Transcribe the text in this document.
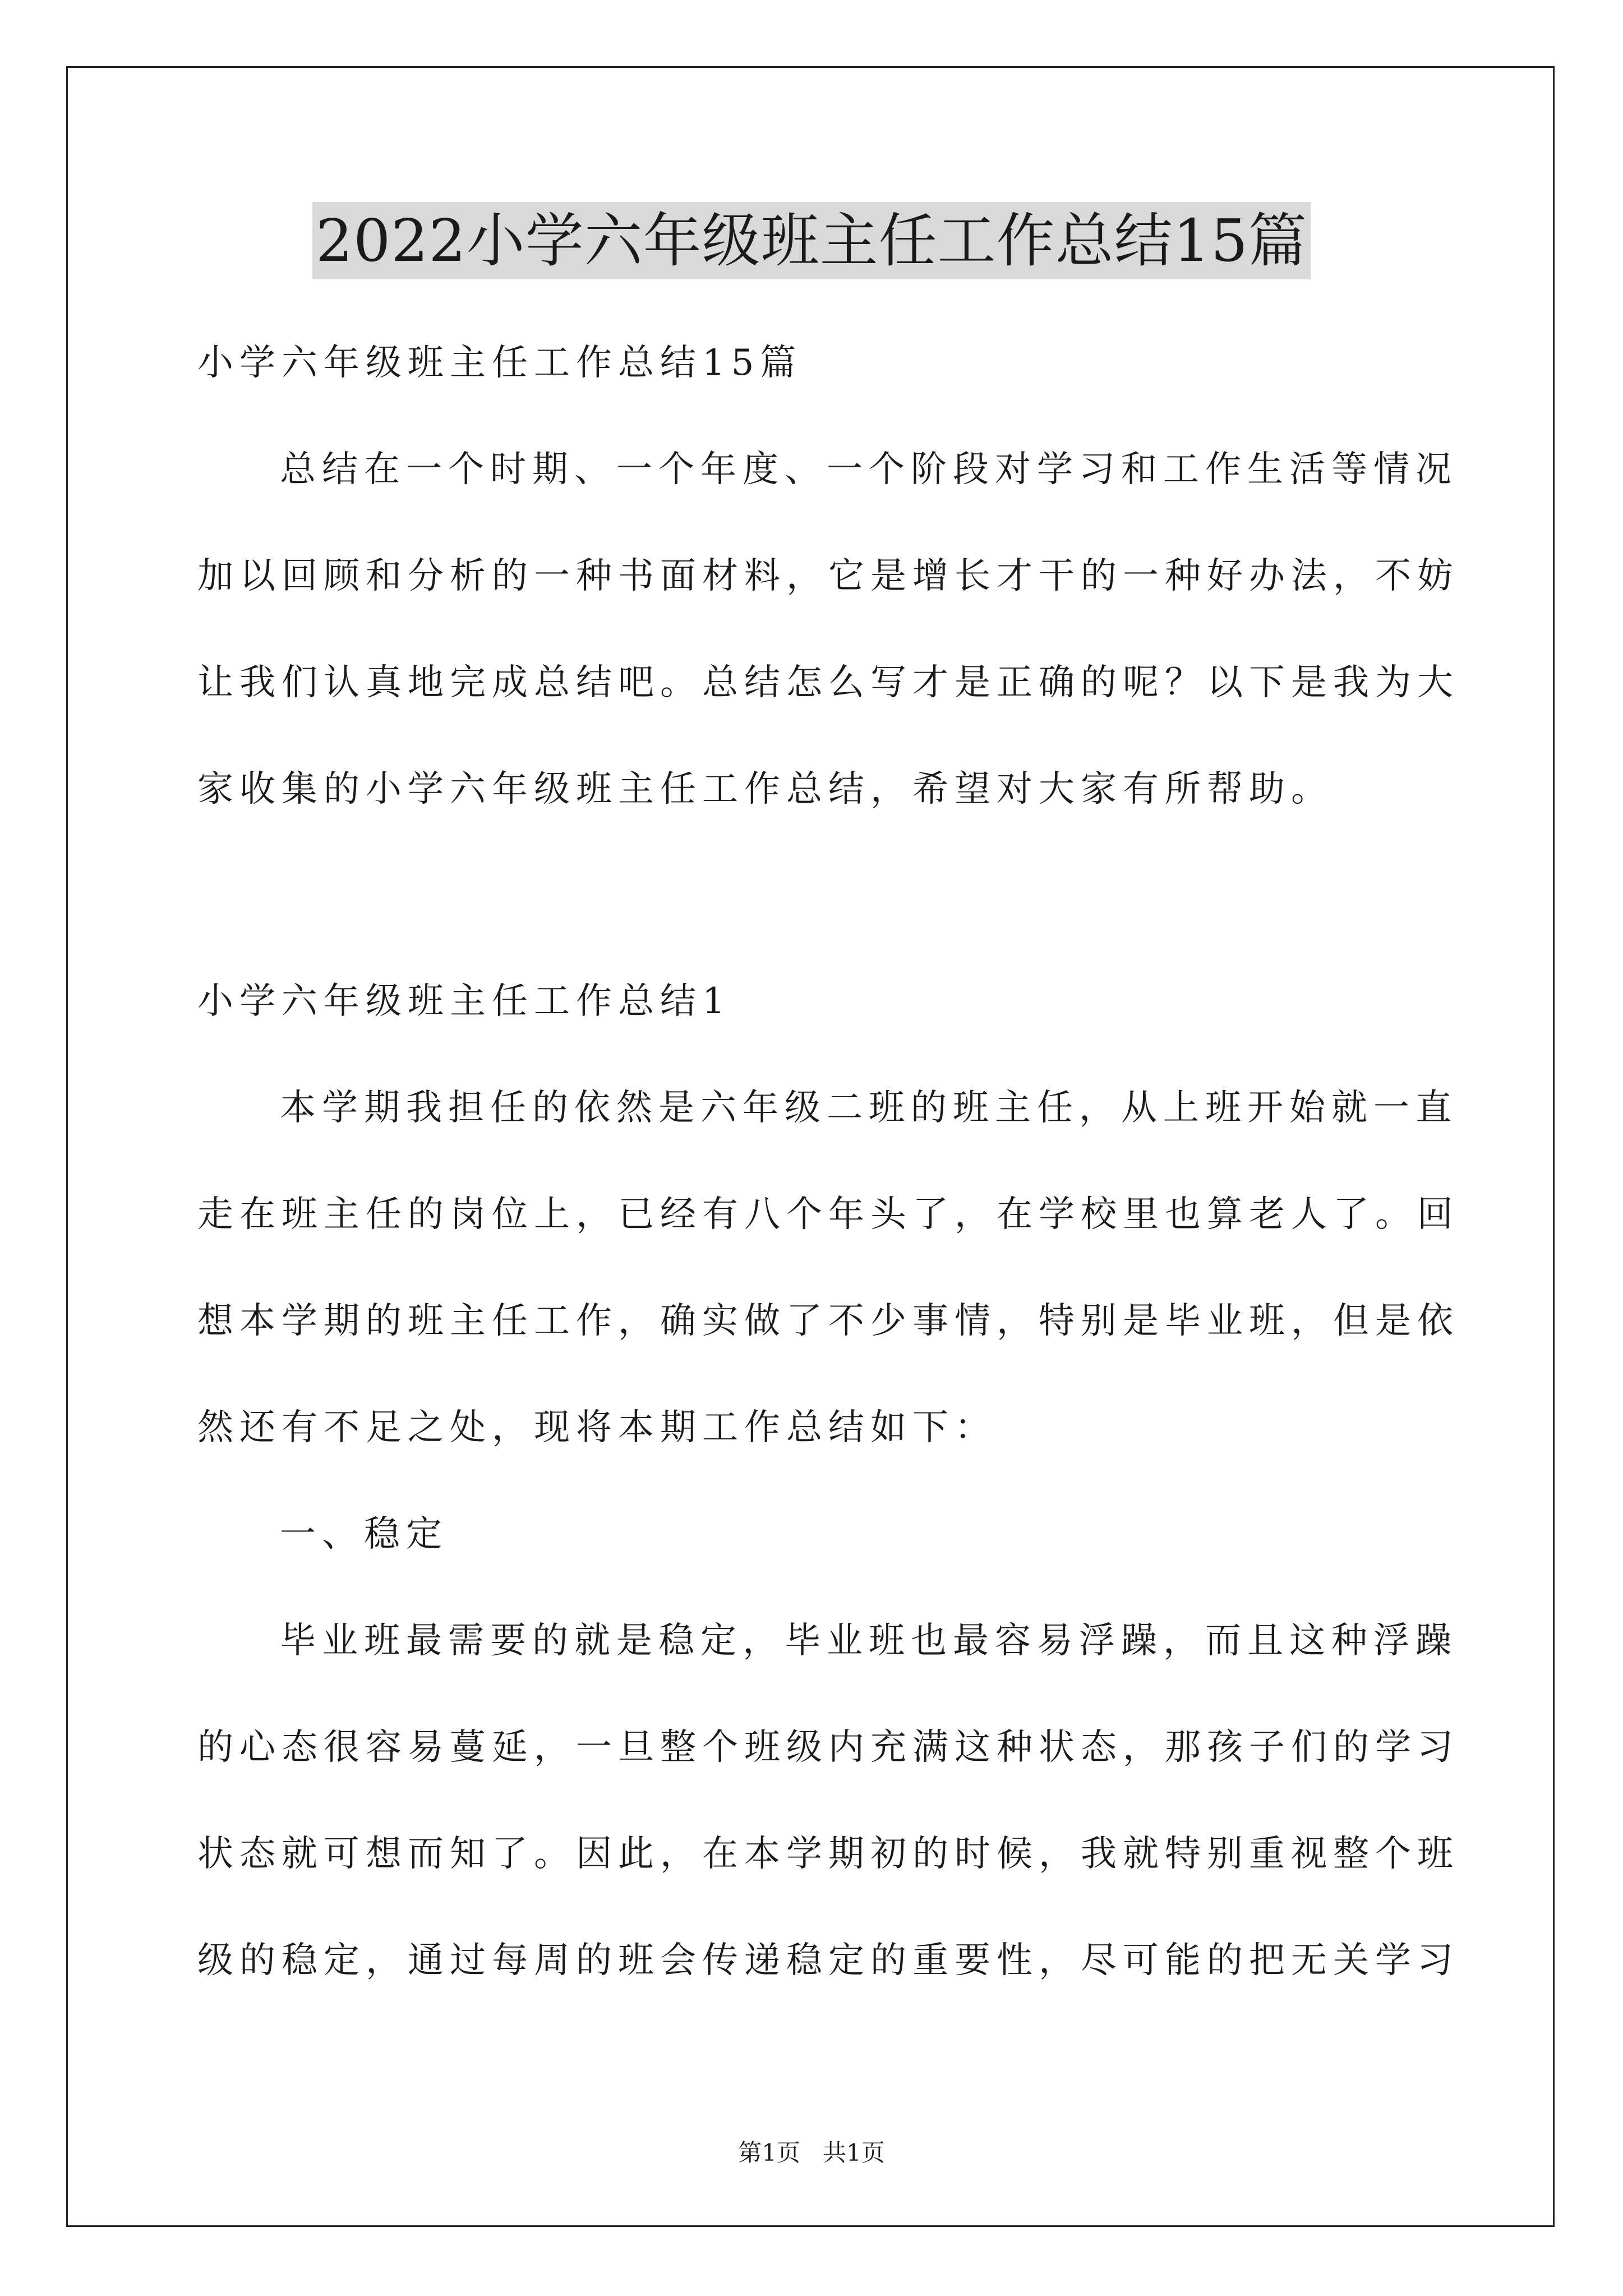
2022小学六年级班主任工作总结15篇
小学六年级班主任工作总结15篇
总结在一个时期、一个年度、一个阶段对学习和工作生活等情况
加以回顾和分析的一种书面材料，它是增长才干的一种好办法，不妨
让我们认真地完成总结吧。总结怎么写才是正确的呢？以下是我为大
家收集的小学六年级班主任工作总结，希望对大家有所帮助。
小学六年级班主任工作总结1
本学期我担任的依然是六年级二班的班主任，从上班开始就一直
走在班主任的岗位上，已经有八个年头了，在学校里也算老人了。回
想本学期的班主任工作，确实做了不少事情，特别是毕业班，但是依
然还有不足之处，现将本期工作总结如下：
一、稳定
毕业班最需要的就是稳定，毕业班也最容易浮躁，而且这种浮躁
的心态很容易蔓延，一旦整个班级内充满这种状态，那孩子们的学习
状态就可想而知了。因此，在本学期初的时候，我就特别重视整个班
级的稳定，通过每周的班会传递稳定的重要性，尽可能的把无关学习
第1页   共1页
